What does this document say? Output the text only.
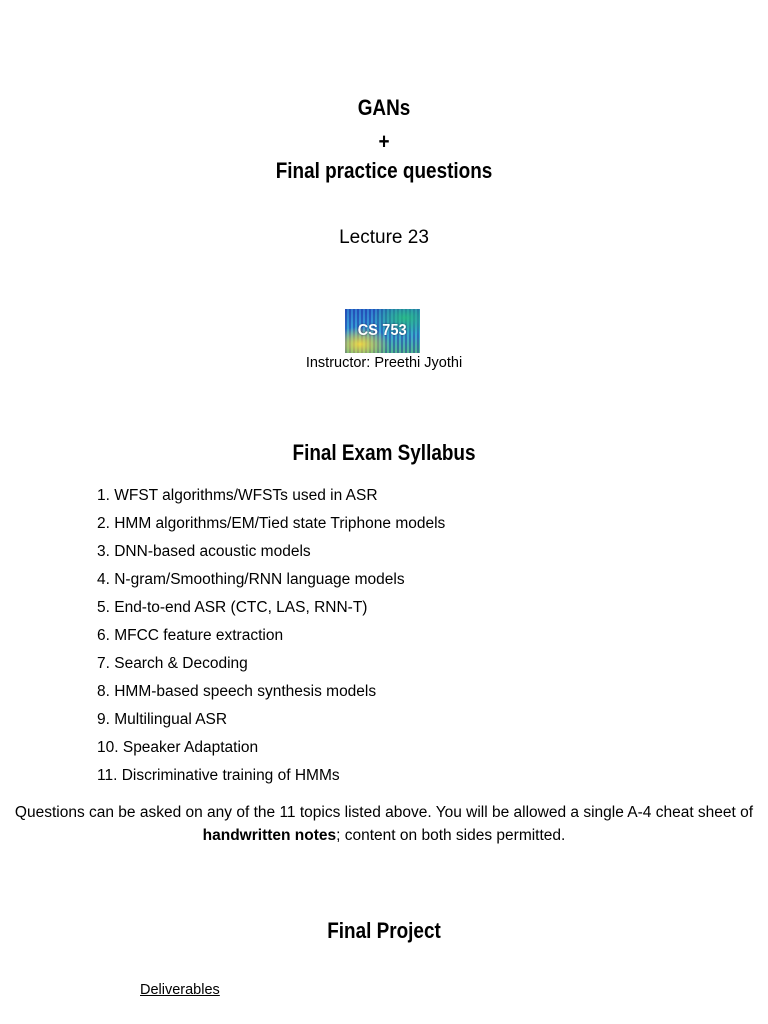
GANs
+
Final practice questions
Lecture 23
CS 753
Instructor: Preethi Jyothi
Final Exam Syllabus
1. WFST algorithms/WFSTs used in ASR
2. HMM algorithms/EM/Tied state Triphone models
3. DNN-based acoustic models
4. N-gram/Smoothing/RNN language models
5. End-to-end ASR (CTC, LAS, RNN-T)
6. MFCC feature extraction
7. Search & Decoding
8. HMM-based speech synthesis models
9. Multilingual ASR
10. Speaker Adaptation
11. Discriminative training of HMMs
Questions can be asked on any of the 11 topics listed above. You will be allowed a single A-4 cheat sheet of handwritten notes; content on both sides permitted.
Final Project
Deliverables
